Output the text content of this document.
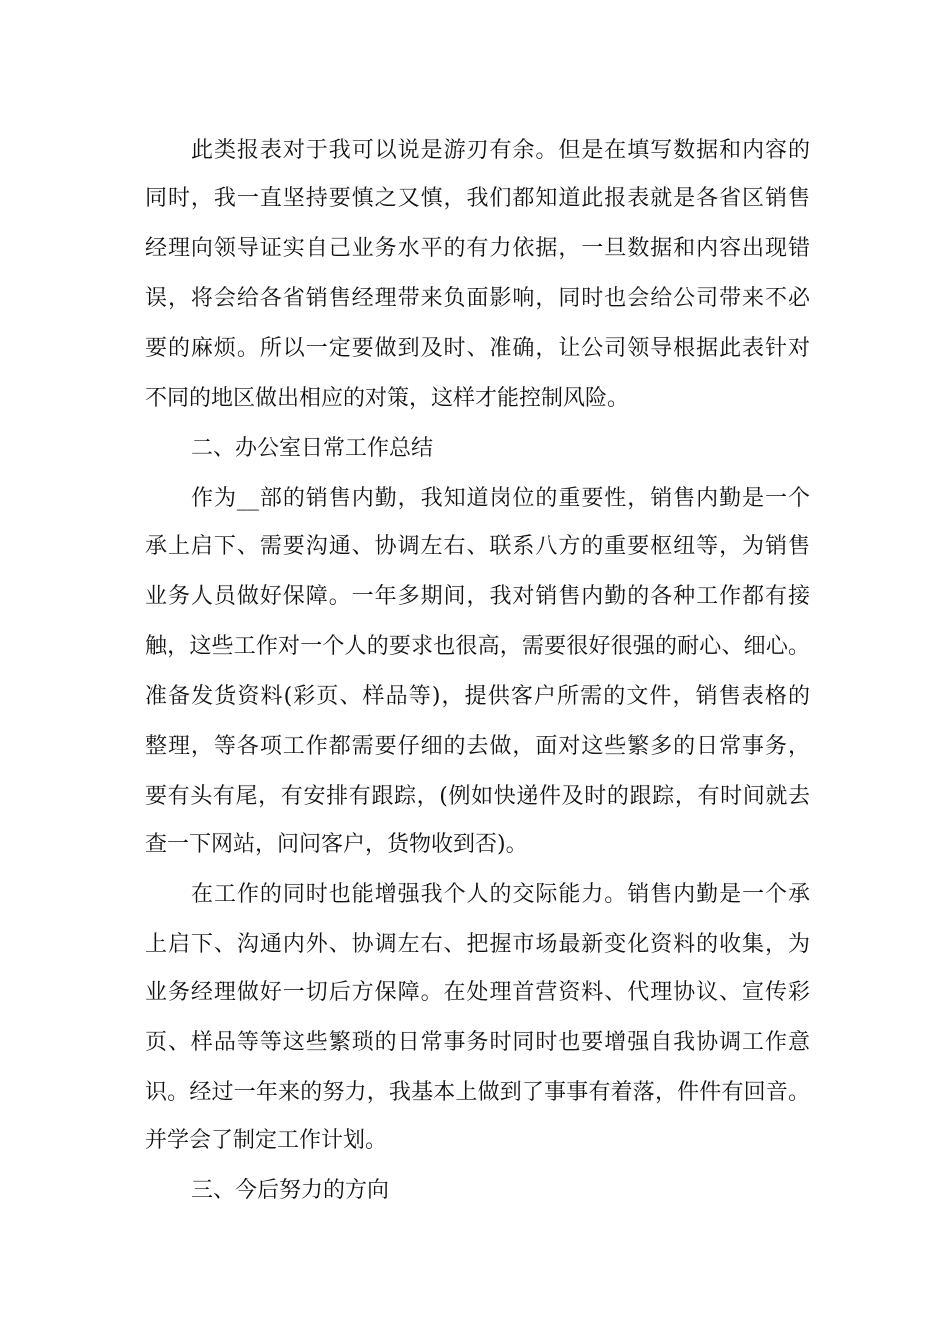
此类报表对于我可以说是游刃有余。但是在填写数据和内容的
同时，我一直坚持要慎之又慎，我们都知道此报表就是各省区销售
经理向领导证实自己业务水平的有力依据，一旦数据和内容出现错
误，将会给各省销售经理带来负面影响，同时也会给公司带来不必
要的麻烦。所以一定要做到及时、准确，让公司领导根据此表针对
不同的地区做出相应的对策，这样才能控制风险。
二、办公室日常工作总结
作为__部的销售内勤，我知道岗位的重要性，销售内勤是一个
承上启下、需要沟通、协调左右、联系八方的重要枢纽等，为销售
业务人员做好保障。一年多期间，我对销售内勤的各种工作都有接
触，这些工作对一个人的要求也很高，需要很好很强的耐心、细心。
准备发货资料(彩页、样品等)，提供客户所需的文件，销售表格的
整理，等各项工作都需要仔细的去做，面对这些繁多的日常事务，
要有头有尾，有安排有跟踪，(例如快递件及时的跟踪，有时间就去
查一下网站，问问客户，货物收到否)。
在工作的同时也能增强我个人的交际能力。销售内勤是一个承
上启下、沟通内外、协调左右、把握市场最新变化资料的收集，为
业务经理做好一切后方保障。在处理首营资料、代理协议、宣传彩
页、样品等等这些繁琐的日常事务时同时也要增强自我协调工作意
识。经过一年来的努力，我基本上做到了事事有着落，件件有回音。
并学会了制定工作计划。
三、今后努力的方向
